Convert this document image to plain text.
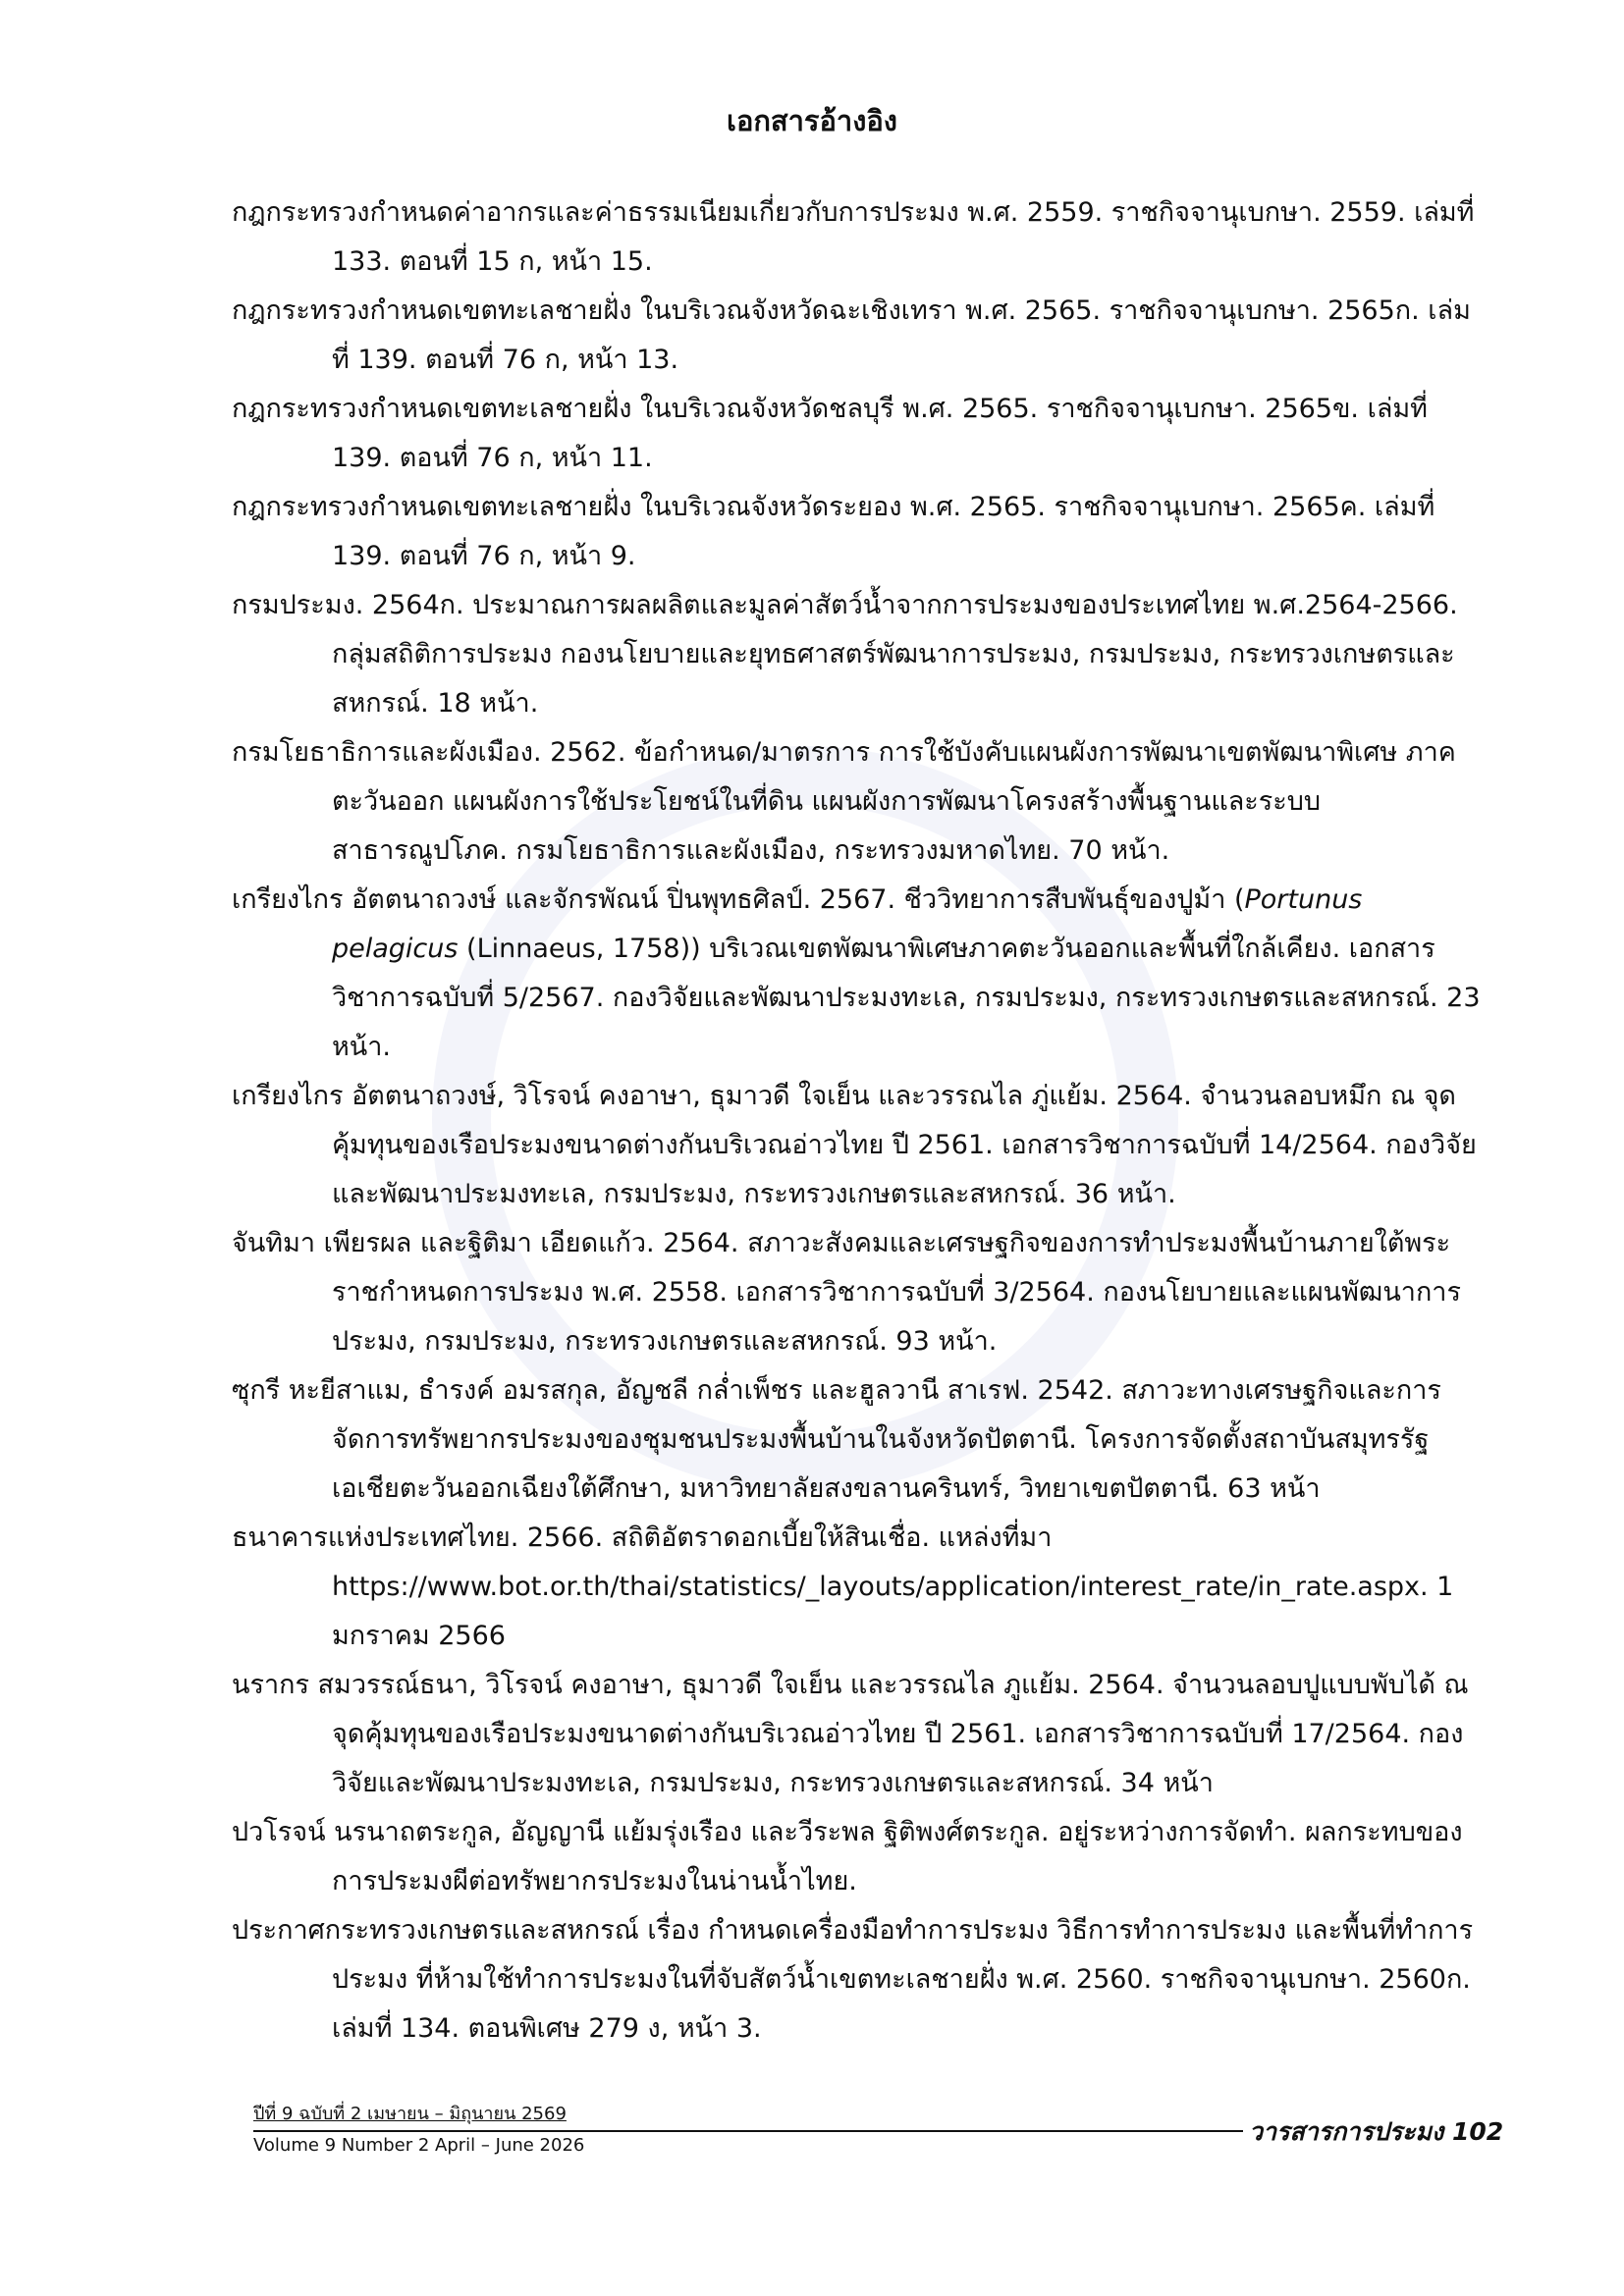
เอกสารอ้างอิง
กฎกระทรวงกำหนดค่าอากรและค่าธรรมเนียมเกี่ยวกับการประมง พ.ศ. 2559. ราชกิจจานุเบกษา. 2559. เล่มที่ 133. ตอนที่ 15 ก, หน้า 15.
กฎกระทรวงกำหนดเขตทะเลชายฝั่ง ในบริเวณจังหวัดฉะเชิงเทรา พ.ศ. 2565. ราชกิจจานุเบกษา. 2565ก. เล่มที่ 139. ตอนที่ 76 ก, หน้า 13.
กฎกระทรวงกำหนดเขตทะเลชายฝั่ง ในบริเวณจังหวัดชลบุรี พ.ศ. 2565. ราชกิจจานุเบกษา. 2565ข. เล่มที่ 139. ตอนที่ 76 ก, หน้า 11.
กฎกระทรวงกำหนดเขตทะเลชายฝั่ง ในบริเวณจังหวัดระยอง พ.ศ. 2565. ราชกิจจานุเบกษา. 2565ค. เล่มที่ 139. ตอนที่ 76 ก, หน้า 9.
กรมประมง. 2564ก. ประมาณการผลผลิตและมูลค่าสัตว์น้ำจากการประมงของประเทศไทย พ.ศ.2564-2566. กลุ่มสถิติการประมง กองนโยบายและยุทธศาสตร์พัฒนาการประมง, กรมประมง, กระทรวงเกษตรและสหกรณ์. 18 หน้า.
กรมโยธาธิการและผังเมือง. 2562. ข้อกำหนด/มาตรการ การใช้บังคับแผนผังการพัฒนาเขตพัฒนาพิเศษ ภาคตะวันออก แผนผังการใช้ประโยชน์ในที่ดิน แผนผังการพัฒนาโครงสร้างพื้นฐานและระบบสาธารณูปโภค. กรมโยธาธิการและผังเมือง, กระทรวงมหาดไทย. 70 หน้า.
เกรียงไกร อัตตนาถวงษ์ และจักรพัณน์ ปิ่นพุทธศิลป์. 2567. ชีววิทยาการสืบพันธุ์ของปูม้า (Portunus pelagicus (Linnaeus, 1758)) บริเวณเขตพัฒนาพิเศษภาคตะวันออกและพื้นที่ใกล้เคียง. เอกสารวิชาการฉบับที่ 5/2567. กองวิจัยและพัฒนาประมงทะเล, กรมประมง, กระทรวงเกษตรและสหกรณ์. 23 หน้า.
เกรียงไกร อัตตนาถวงษ์, วิโรจน์ คงอาษา, ธุมาวดี ใจเย็น และวรรณไล ภู่แย้ม. 2564. จำนวนลอบหมึก ณ จุดคุ้มทุนของเรือประมงขนาดต่างกันบริเวณอ่าวไทย ปี 2561. เอกสารวิชาการฉบับที่ 14/2564. กองวิจัยและพัฒนาประมงทะเล, กรมประมง, กระทรวงเกษตรและสหกรณ์. 36 หน้า.
จันทิมา เพียรผล และฐิติมา เอียดแก้ว. 2564. สภาวะสังคมและเศรษฐกิจของการทำประมงพื้นบ้านภายใต้พระราชกำหนดการประมง พ.ศ. 2558. เอกสารวิชาการฉบับที่ 3/2564. กองนโยบายและแผนพัฒนาการประมง, กรมประมง, กระทรวงเกษตรและสหกรณ์. 93 หน้า.
ซุกรี หะยีสาแม, ธำรงค์ อมรสกุล, อัญชลี กล่ำเพ็ชร และฮูลวานี สาเรฟ. 2542. สภาวะทางเศรษฐกิจและการจัดการทรัพยากรประมงของชุมชนประมงพื้นบ้านในจังหวัดปัตตานี. โครงการจัดตั้งสถาบันสมุทรรัฐเอเชียตะวันออกเฉียงใต้ศึกษา, มหาวิทยาลัยสงขลานครินทร์, วิทยาเขตปัตตานี. 63 หน้า
ธนาคารแห่งประเทศไทย. 2566. สถิติอัตราดอกเบี้ยให้สินเชื่อ. แหล่งที่มา https://www.bot.or.th/thai/statistics/_layouts/application/interest_rate/in_rate.aspx. 1 มกราคม 2566
นรากร สมวรรณ์ธนา, วิโรจน์ คงอาษา, ธุมาวดี ใจเย็น และวรรณไล ภูแย้ม. 2564. จำนวนลอบปูแบบพับได้ ณ จุดคุ้มทุนของเรือประมงขนาดต่างกันบริเวณอ่าวไทย ปี 2561. เอกสารวิชาการฉบับที่ 17/2564. กองวิจัยและพัฒนาประมงทะเล, กรมประมง, กระทรวงเกษตรและสหกรณ์. 34 หน้า
ปวโรจน์ นรนาถตระกูล, อัญญานี แย้มรุ่งเรือง และวีระพล ฐิติพงศ์ตระกูล. อยู่ระหว่างการจัดทำ. ผลกระทบของการประมงผีต่อทรัพยากรประมงในน่านน้ำไทย.
ประกาศกระทรวงเกษตรและสหกรณ์ เรื่อง กำหนดเครื่องมือทำการประมง วิธีการทำการประมง และพื้นที่ทำการประมง ที่ห้ามใช้ทำการประมงในที่จับสัตว์น้ำเขตทะเลชายฝั่ง พ.ศ. 2560. ราชกิจจานุเบกษา. 2560ก. เล่มที่ 134. ตอนพิเศษ 279 ง, หน้า 3.
ปีที่ 9 ฉบับที่ 2 เมษายน – มิถุนายน 2569
Volume 9 Number 2 April – June 2026	วารสารการประมง 102
